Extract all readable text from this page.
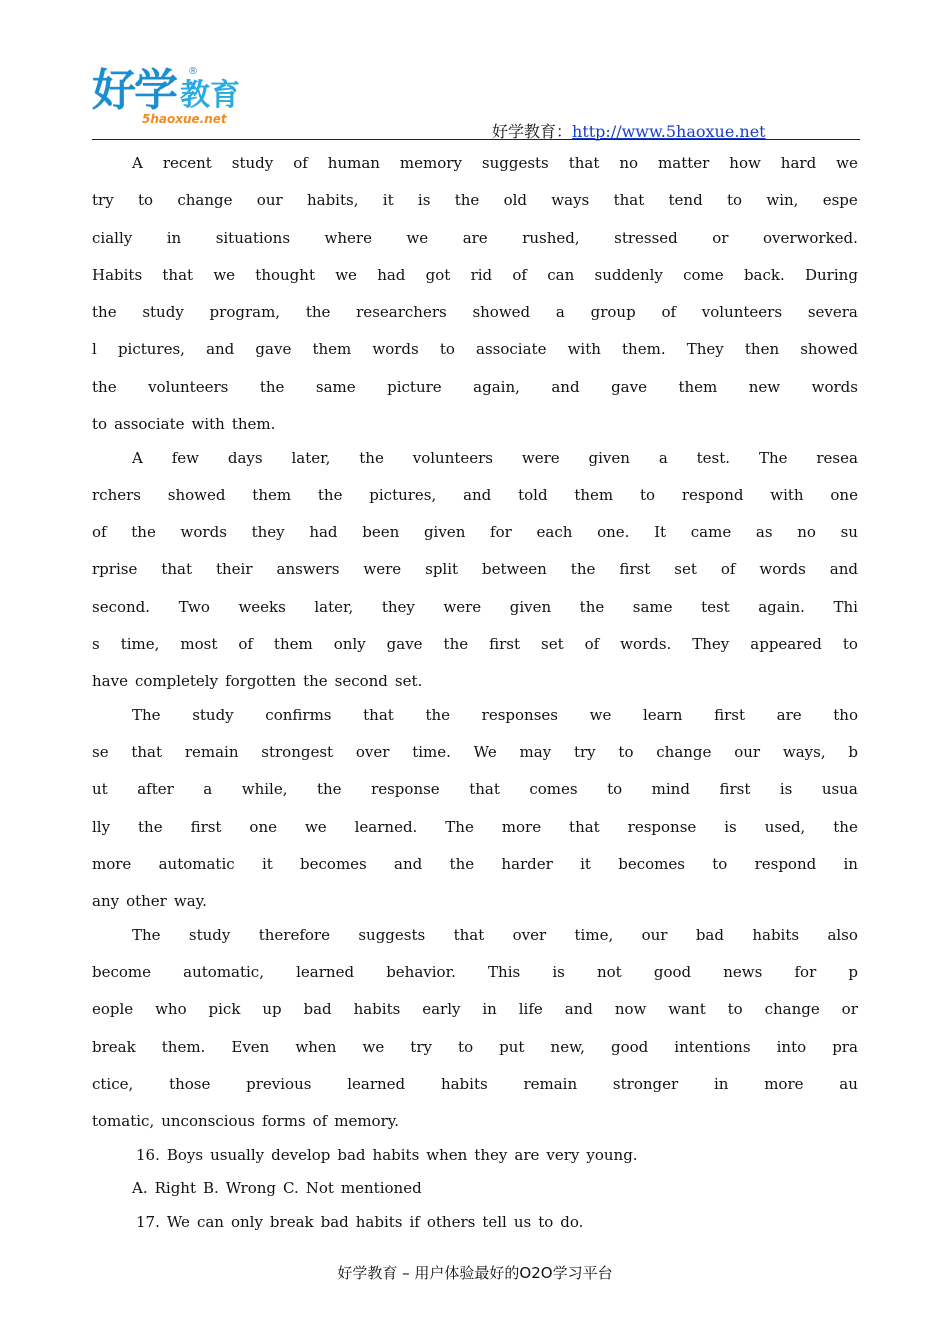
好学 教育
®
5haoxue.net
好学教育：http://www.5haoxue.net
A recent study of human memory suggests that no matter how hard we
try to change our habits, it is the old ways that tend to win, espe
cially in situations where we are rushed, stressed or overworked.
Habits that we thought we had got rid of can suddenly come back. During
the study program, the researchers showed a group of volunteers severa
l pictures, and gave them words to associate with them. They then showed
the volunteers the same picture again, and gave them new words
to associate with them.
A few days later, the volunteers were given a test. The resea
rchers showed them the pictures, and told them to respond with one
of the words they had been given for each one. It came as no su
rprise that their answers were split between the first set of words and
second. Two weeks later, they were given the same test again. Thi
s time, most of them only gave the first set of words. They appeared to
have completely forgotten the second set.
The study confirms that the responses we learn first are tho
se that remain strongest over time. We may try to change our ways, b
ut after a while, the response that comes to mind first is usua
lly the first one we learned. The more that response is used, the
more automatic it becomes and the harder it becomes to respond in
any other way.
The study therefore suggests that over time, our bad habits also
become automatic, learned behavior. This is not good news for p
eople who pick up bad habits early in life and now want to change or
break them. Even when we try to put new, good intentions into pra
ctice, those previous learned habits remain stronger in more au
tomatic, unconscious forms of memory.
16. Boys usually develop bad habits when they are very young.
A. Right B. Wrong C. Not mentioned
17. We can only break bad habits if others tell us to do.
好学教育 – 用户体验最好的O2O学习平台
